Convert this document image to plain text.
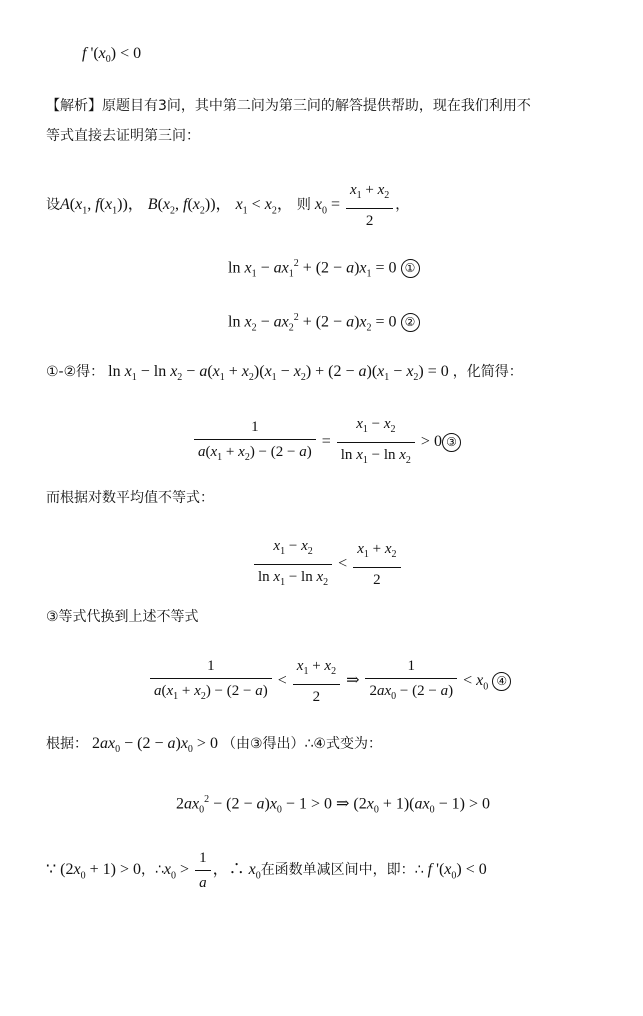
f '$(x_0) < 0$
【解析】原题目有3问，其中第二问为第三问的解答提供帮助，现在我们利用不
等式直接去证明第三问：
设$A(x_1$, $f(x_1)$)， $B(x_2$, $f(x_2)$)， $x_1 < x_2$， 则 $x_0 = \frac{x_1 + x_2}{2}$ ，
$\ln x_1 - ax_1^2 + (2 - a)x_1 = 0$ ①
$\ln x_2 - ax_2^2 + (2 - a)x_2 = 0$ ②
①-②得： $\ln x_1 - \ln x_2 - a(x_1 + x_2)(x_1 - x_2) + (2 - a)(x_1 - x_2) = 0$ ，化简得：
$\frac{1}{a(x_1 + x_2) - (2 - a)} = \frac{x_1 - x_2}{\ln x_1 - \ln x_2} > 0$ ③
而根据对数平均值不等式：
$\frac{x_1 - x_2}{\ln x_1 - \ln x_2} < \frac{x_1 + x_2}{2}$
③等式代换到上述不等式
$\frac{1}{a(x_1 + x_2) - (2 - a)} < \frac{x_1 + x_2}{2}$ ⇒ $\frac{1}{2ax_0 - (2 - a)} < x_0$ ④
根据： $2ax_0 - (2 - a)x_0 > 0$ （由③得出）∴④式变为：
$2ax_0^2 - (2 - a)x_0 - 1 > 0$ ⇒ $(2x_0 + 1)(ax_0 - 1) > 0$
∵ $(2x_0 + 1) > 0$，$\therefore x_0 > \frac{1}{a}$ ，∴ $x_0$在函数单减区间中，即：∴ f '$(x_0) < 0$
